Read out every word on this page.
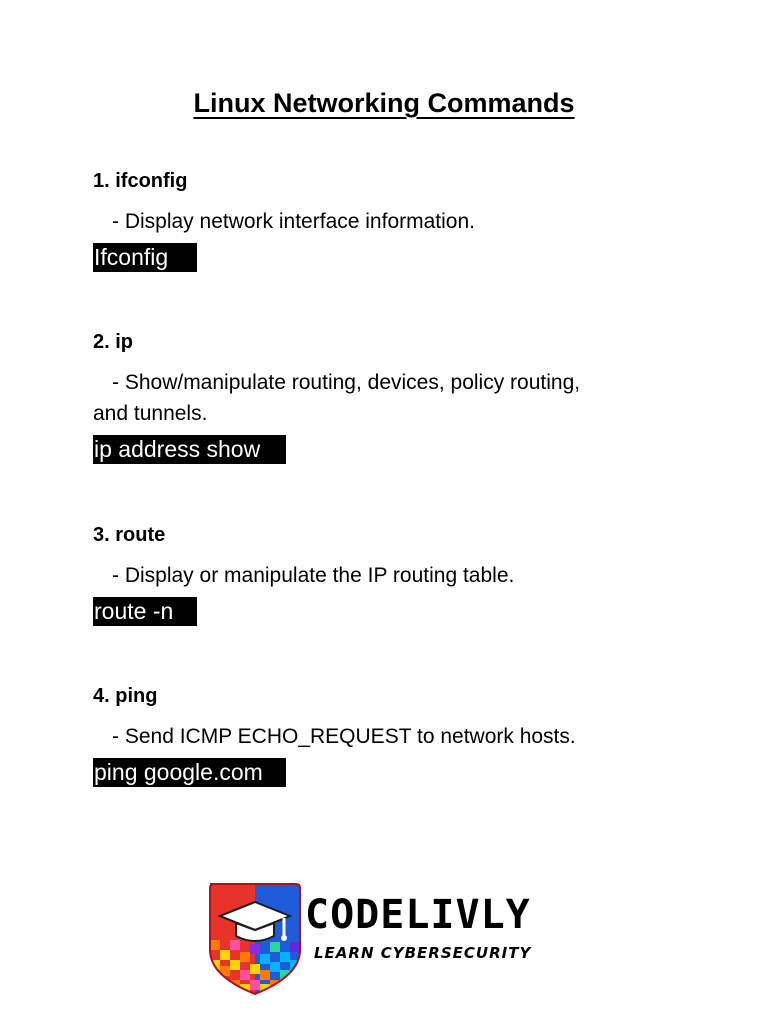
Linux Networking Commands

1. ifconfig

- Display network interface information.

Ifconfig

2. ip

- Show/manipulate routing, devices, policy routing,
and tunnels.

ip address show

3. route

- Display or manipulate the IP routing table.

route -n

4. ping

- Send ICMP ECHO_REQUEST to network hosts.

ping google.com
CODELIVLY
LEARN CYBERSECURITY
